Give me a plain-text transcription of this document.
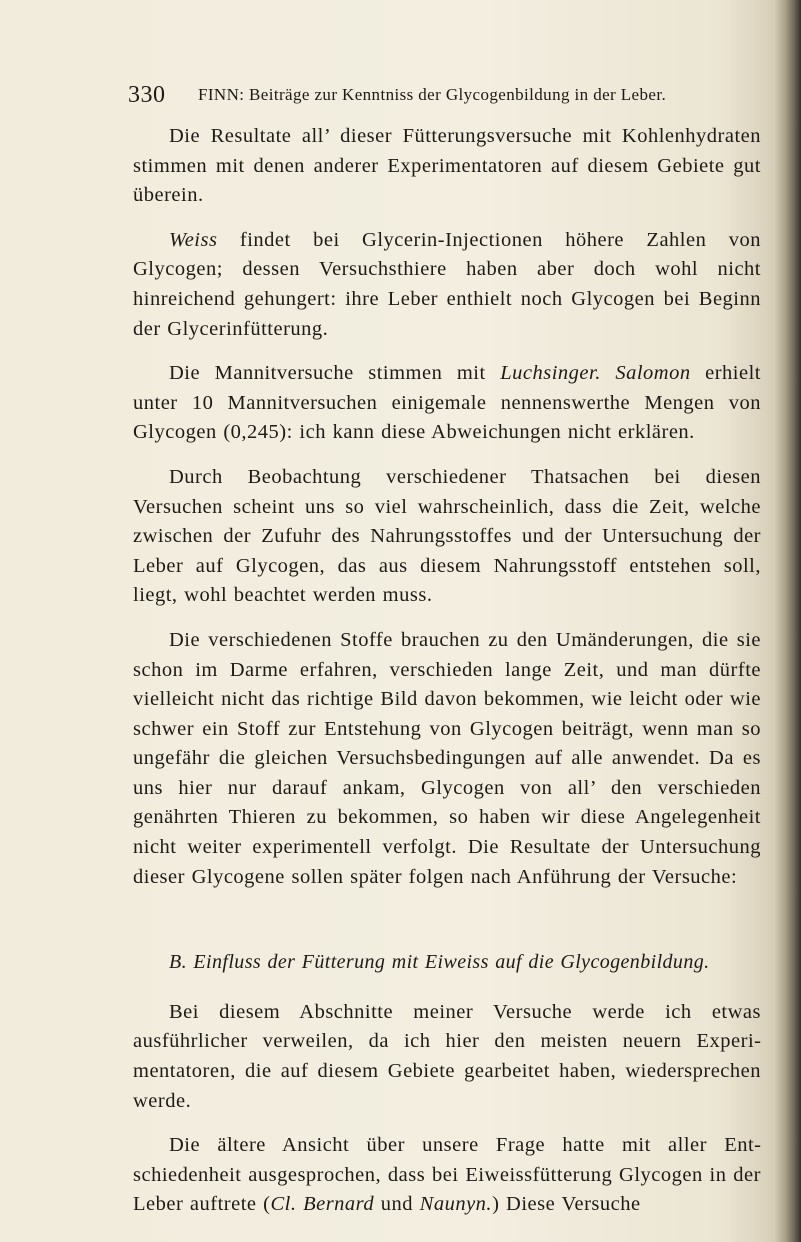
330 FINN: Beiträge zur Kenntniss der Glycogenbildung in der Leber.

Die Resultate all’ dieser Fütterungsversuche mit Kohlenhydraten stimmen mit denen anderer Experimentatoren auf diesem Gebiete gut überein.

Weiss findet bei Glycerin-Injectionen höhere Zahlen von Glycogen; dessen Versuchsthiere haben aber doch wohl nicht hinreichend gehungert: ihre Leber enthielt noch Glycogen bei Beginn der Glycerinfütterung.

Die Mannitversuche stimmen mit Luchsinger. Salomon erhielt unter 10 Mannitversuchen einigemale nennenswerthe Mengen von Glycogen (0,245): ich kann diese Abweichungen nicht erklären.

Durch Beobachtung verschiedener Thatsachen bei diesen Versuchen scheint uns so viel wahrscheinlich, dass die Zeit, welche zwischen der Zufuhr des Nahrungsstoffes und der Untersuchung der Leber auf Glycogen, das aus diesem Nahrungsstoff entstehen soll, liegt, wohl beachtet werden muss.

Die verschiedenen Stoffe brauchen zu den Umänderungen, die sie schon im Darme erfahren, verschieden lange Zeit, und man dürfte vielleicht nicht das richtige Bild davon bekommen, wie leicht oder wie schwer ein Stoff zur Entstehung von Glycogen beiträgt, wenn man so ungefähr die gleichen Versuchsbedingungen auf alle anwendet. Da es uns hier nur darauf ankam, Glycogen von all’ den verschieden genährten Thieren zu bekommen, so haben wir diese Angelegenheit nicht weiter experimentell verfolgt. Die Resultate der Untersuchung dieser Glycogene sollen später folgen nach Anführung der Versuche:

B. Einfluss der Fütterung mit Eiweiss auf die Glycogenbildung.

Bei diesem Abschnitte meiner Versuche werde ich etwas ausführlicher verweilen, da ich hier den meisten neuern Experimentatoren, die auf diesem Gebiete gearbeitet haben, wiedersprechen werde.

Die ältere Ansicht über unsere Frage hatte mit aller Entschiedenheit ausgesprochen, dass bei Eiweissfütterung Glycogen in der Leber auftrete (Cl. Bernard und Naunyn.) Diese Versuche
